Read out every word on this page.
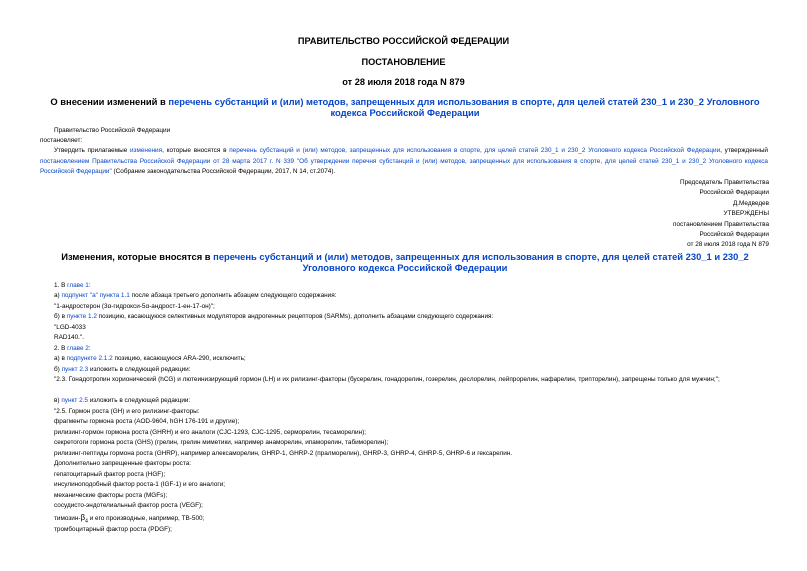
ПРАВИТЕЛЬСТВО РОССИЙСКОЙ ФЕДЕРАЦИИ
ПОСТАНОВЛЕНИЕ
от 28 июля 2018 года N 879
О внесении изменений в перечень субстанций и (или) методов, запрещенных для использования в спорте, для целей статей 230_1 и 230_2 Уголовного кодекса Российской Федерации
Правительство Российской Федерации
постановляет:
Утвердить прилагаемые изменения, которые вносятся в перечень субстанций и (или) методов, запрещенных для использования в спорте, для целей статей 230_1 и 230_2 Уголовного кодекса Российской Федерации, утвержденный постановлением Правительства Российской Федерации от 28 марта 2017 г. N 339 "Об утверждении перечня субстанций и (или) методов, запрещенных для использования в спорте, для целей статей 230_1 и 230_2 Уголовного кодекса Российской Федерации" (Собрание законодательства Российской Федерации, 2017, N 14, ст.2074).
Председатель Правительства
Российской Федерации
Д.Медведев
УТВЕРЖДЕНЫ
постановлением Правительства
Российской Федерации
от 28 июля 2018 года N 879
Изменения, которые вносятся в перечень субстанций и (или) методов, запрещенных для использования в спорте, для целей статей 230_1 и 230_2 Уголовного кодекса Российской Федерации
1. В главе 1:
а) подпункт "а" пункта 1.1 после абзаца третьего дополнить абзацем следующего содержания:
"1-андростерон (3α-гидрокси-5α-андрост-1-ен-17-он)";
б) в пункте 1.2 позицию, касающуюся селективных модуляторов андрогенных рецепторов (SARMs), дополнить абзацами следующего содержания:
"LGD-4033
RAD140.".
2. В главе 2:
а) в подпункте 2.1.2 позицию, касающуюся ARA-290, исключить;
б) пункт 2.3 изложить в следующей редакции:
"2.3. Гонадотропин хорионический (hCG) и лютеинизирующий гормон (LH) и их рилизинг-факторы (бусерелин, гонадорелин, гозерелин, деслорелин, лейпрорелин, нафарелин, трипторелин), запрещены только для мужчин;";
в) пункт 2.5 изложить в следующей редакции:
"2.5. Гормон роста (GH) и его рилизинг-факторы:
фрагменты гормона роста (AOD-9604, hGH 176-191 и другие);
рилизинг-гормон гормона роста (GHRH) и его аналоги (CJC-1293, CJC-1295, серморелин, тесаморелин);
секретогоги гормона роста (GHS) (грелин, грелин миметики, например анаморелин, ипаморелин, табиморелин);
рилизинг-пептиды гормона роста (GHRP), например алексаморелин, GHRP-1, GHRP-2 (пралморелин), GHRP-3, GHRP-4, GHRP-5, GHRP-6 и гексарелин.
Дополнительно запрещенные факторы роста:
гепатоцитарный фактор роста (HGF);
инсулиноподобный фактор роста-1 (IGF-1) и его аналоги;
механические факторы роста (MGFs);
сосудисто-эндотелиальный фактор роста (VEGF);
тимозин-$\beta_4$ и его производные, например, TB-500;
тромбоцитарный фактор роста (PDGF);
